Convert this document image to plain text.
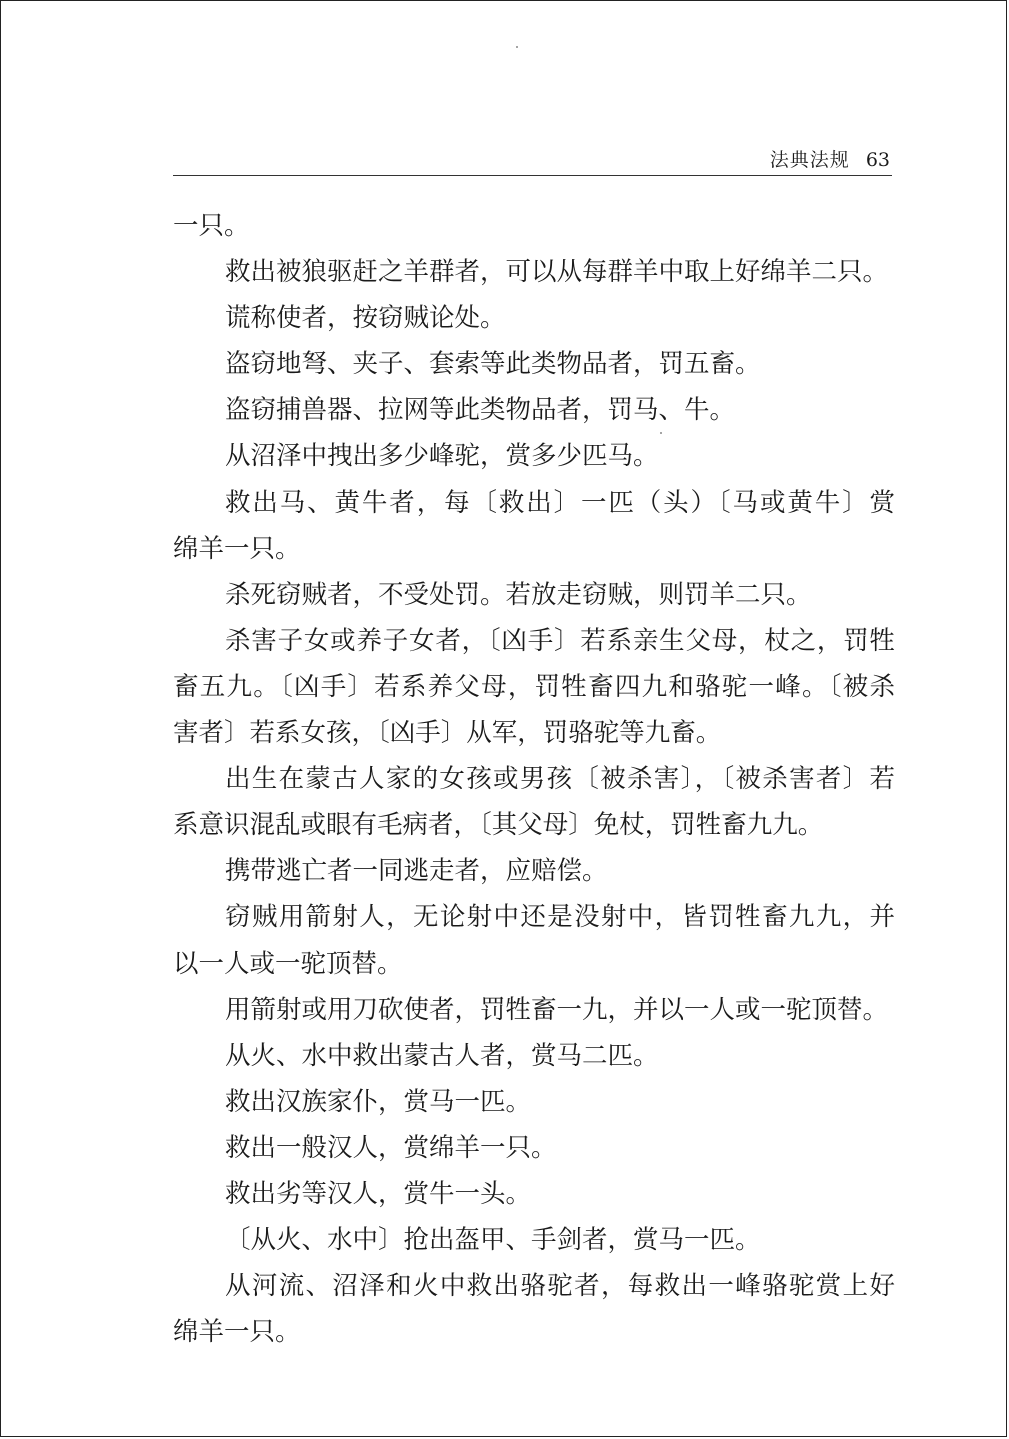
法典法规 63
一只。
救出被狼驱赶之羊群者，可以从每群羊中取上好绵羊二只。
谎称使者，按窃贼论处。
盗窃地弩、夹子、套索等此类物品者，罚五畜。
盗窃捕兽器、拉网等此类物品者，罚马、牛。
从沼泽中拽出多少峰驼，赏多少匹马。
救出马、黄牛者，每〔救出〕一匹（头）〔马或黄牛〕赏
绵羊一只。
杀死窃贼者，不受处罚。若放走窃贼，则罚羊二只。
杀害子女或养子女者，〔凶手〕若系亲生父母，杖之，罚牲
畜五九。〔凶手〕若系养父母，罚牲畜四九和骆驼一峰。〔被杀
害者〕若系女孩，〔凶手〕从军，罚骆驼等九畜。
出生在蒙古人家的女孩或男孩〔被杀害〕，〔被杀害者〕若
系意识混乱或眼有毛病者，〔其父母〕免杖，罚牲畜九九。
携带逃亡者一同逃走者，应赔偿。
窃贼用箭射人，无论射中还是没射中，皆罚牲畜九九，并
以一人或一驼顶替。
用箭射或用刀砍使者，罚牲畜一九，并以一人或一驼顶替。
从火、水中救出蒙古人者，赏马二匹。
救出汉族家仆，赏马一匹。
救出一般汉人，赏绵羊一只。
救出劣等汉人，赏牛一头。
〔从火、水中〕抢出盔甲、手剑者，赏马一匹。
从河流、沼泽和火中救出骆驼者，每救出一峰骆驼赏上好
绵羊一只。
